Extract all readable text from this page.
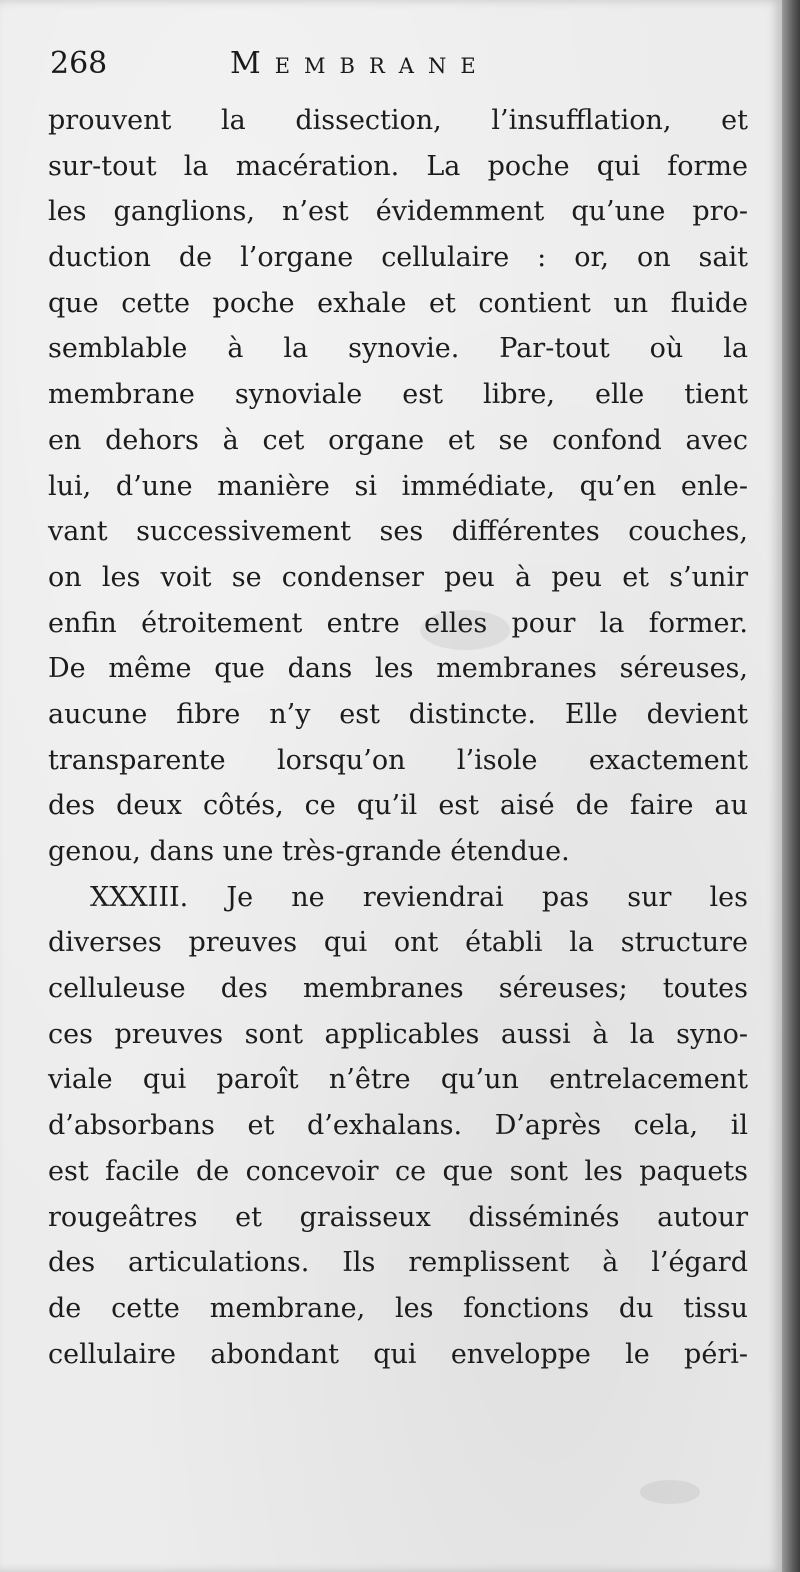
268	Membrane
prouvent la dissection, l’insufflation, et
sur-tout la macération. La poche qui forme
les ganglions, n’est évidemment qu’une pro-
duction de l’organe cellulaire : or, on sait
que cette poche exhale et contient un fluide
semblable à la synovie. Par-tout où la
membrane synoviale est libre, elle tient
en dehors à cet organe et se confond avec
lui, d’une manière si immédiate, qu’en enle-
vant successivement ses différentes couches,
on les voit se condenser peu à peu et s’unir
enfin étroitement entre elles pour la former.
De même que dans les membranes séreuses,
aucune fibre n’y est distincte. Elle devient
transparente lorsqu’on l’isole exactement
des deux côtés, ce qu’il est aisé de faire au
genou, dans une très-grande étendue.
XXXIII. Je ne reviendrai pas sur les
diverses preuves qui ont établi la structure
celluleuse des membranes séreuses; toutes
ces preuves sont applicables aussi à la syno-
viale qui paroît n’être qu’un entrelacement
d’absorbans et d’exhalans. D’après cela, il
est facile de concevoir ce que sont les paquets
rougeâtres et graisseux disséminés autour
des articulations. Ils remplissent à l’égard
de cette membrane, les fonctions du tissu
cellulaire abondant qui enveloppe le péri-
